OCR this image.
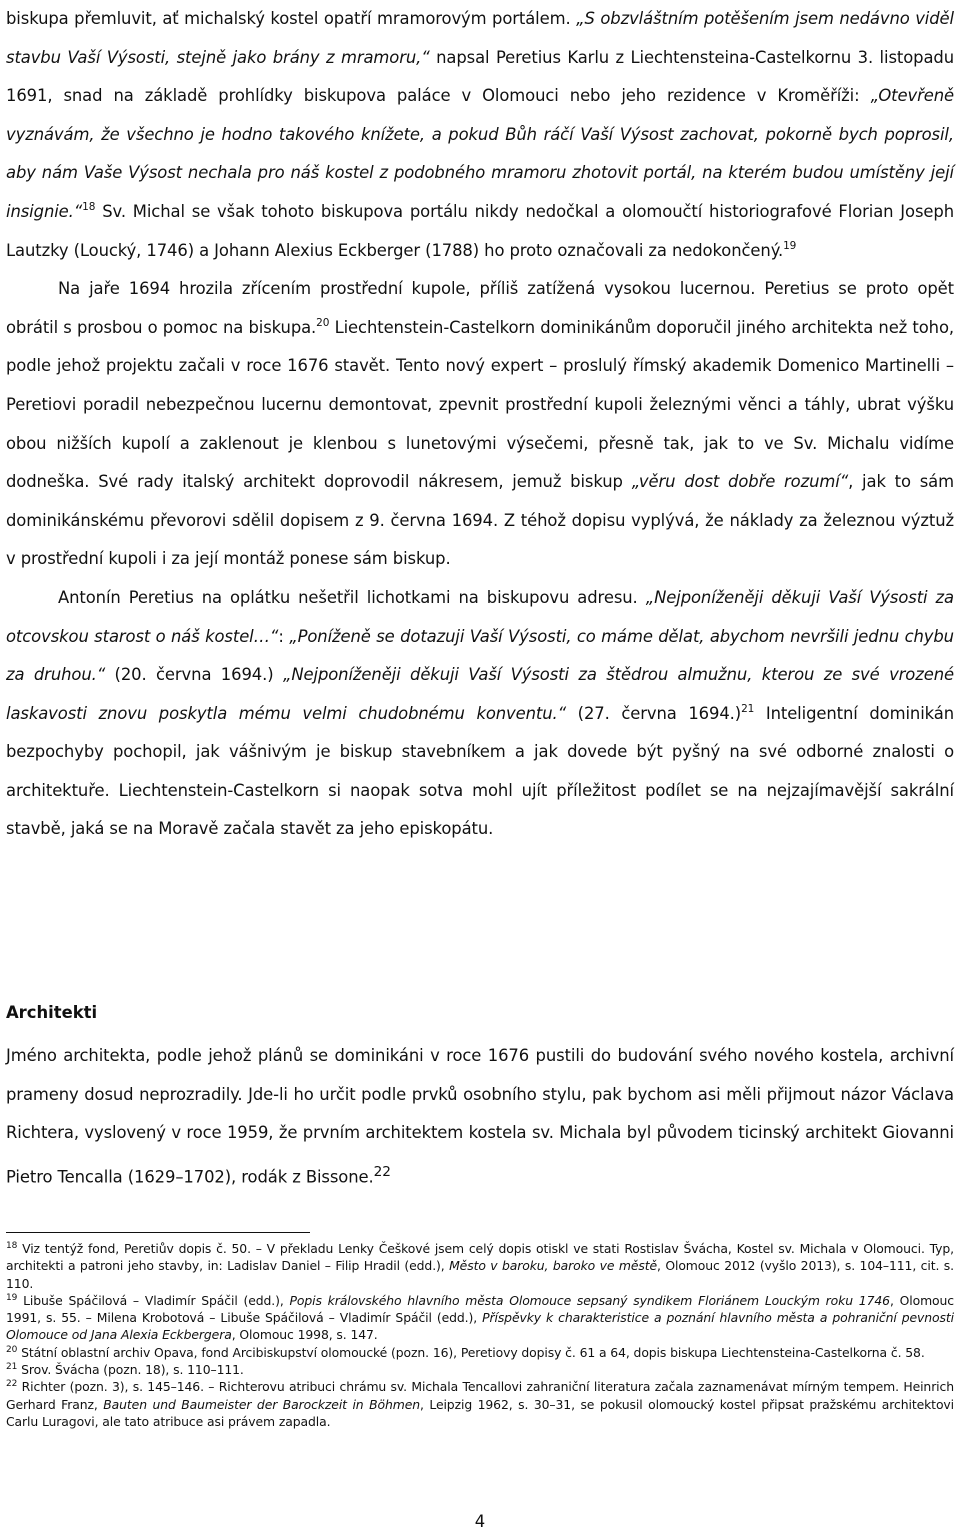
biskupa přemluvit, ať michalský kostel opatří mramorovým portálem. „S obzvláštním potěšením jsem nedávno viděl stavbu Vaší Výsosti, stejně jako brány z mramoru,“ napsal Peretius Karlu z Liechtensteina-Castelkornu 3. listopadu 1691, snad na základě prohlídky biskupova paláce v Olomouci nebo jeho rezidence v Kroměříži: „Otevřeně vyznávám, že všechno je hodno takového knížete, a pokud Bůh ráčí Vaší Výsost zachovat, pokorně bych poprosil, aby nám Vaše Výsost nechala pro náš kostel z podobného mramoru zhotovit portál, na kterém budou umístěny její insignie.“$^{18}$ Sv. Michal se však tohoto biskupova portálu nikdy nedočkal a olomoučtí historiografové Florian Joseph Lautzky (Loucký, 1746) a Johann Alexius Eckberger (1788) ho proto označovali za nedokončený.$^{19}$

Na jaře 1694 hrozila zřícením prostřední kupole, příliš zatížená vysokou lucernou. Peretius se proto opět obrátil s prosbou o pomoc na biskupa.$^{20}$ Liechtenstein-Castelkorn dominikánům doporučil jiného architekta než toho, podle jehož projektu začali v roce 1676 stavět. Tento nový expert – proslulý římský akademik Domenico Martinelli – Peretiovi poradil nebezpečnou lucernu demontovat, zpevnit prostřední kupoli železnými věnci a táhly, ubrat výšku obou nižších kupolí a zaklenout je klenbou s lunetovými výsečemi, přesně tak, jak to ve Sv. Michalu vidíme dodneška. Své rady italský architekt doprovodil nákresem, jemuž biskup „věru dost dobře rozumí“, jak to sám dominikánskému převorovi sdělil dopisem z 9. června 1694. Z téhož dopisu vyplývá, že náklady za železnou výztuž v prostřední kupoli i za její montáž ponese sám biskup.

Antonín Peretius na oplátku nešetřil lichotkami na biskupovu adresu. „Nejponíženěji děkuji Vaší Výsosti za otcovskou starost o náš kostel…“: „Poníženě se dotazuji Vaší Výsosti, co máme dělat, abychom nevršili jednu chybu za druhou.“ (20. června 1694.) „Nejponíženěji děkuji Vaší Výsosti za štědrou almužnu, kterou ze své vrozené laskavosti znovu poskytla mému velmi chudobnému konventu.“ (27. června 1694.)$^{21}$ Inteligentní dominikán bezpochyby pochopil, jak vášnivým je biskup stavebníkem a jak dovede být pyšný na své odborné znalosti o architektuře. Liechtenstein-Castelkorn si naopak sotva mohl ujít příležitost podílet se na nejzajímavější sakrální stavbě, jaká se na Moravě začala stavět za jeho episkopátu.

Architekti

Jméno architekta, podle jehož plánů se dominikáni v roce 1676 pustili do budování svého nového kostela, archivní prameny dosud neprozradily. Jde-li ho určit podle prvků osobního stylu, pak bychom asi měli přijmout názor Václava Richtera, vyslovený v roce 1959, že prvním architektem kostela sv. Michala byl původem ticinský architekt Giovanni Pietro Tencalla (1629–1702), rodák z Bissone.$^{22}$

$^{18}$ Viz tentýž fond, Peretiův dopis č. 50. – V překladu Lenky Češkové jsem celý dopis otiskl ve stati Rostislav Švácha, Kostel sv. Michala v Olomouci. Typ, architekti a patroni jeho stavby, in: Ladislav Daniel – Filip Hradil (edd.), Město v baroku, baroko ve městě, Olomouc 2012 (vyšlo 2013), s. 104–111, cit. s. 110.

$^{19}$ Libuše Spáčilová – Vladimír Spáčil (edd.), Popis královského hlavního města Olomouce sepsaný syndikem Floriánem Louckým roku 1746, Olomouc 1991, s. 55. – Milena Krobotová – Libuše Spáčilová – Vladimír Spáčil (edd.), Příspěvky k charakteristice a poznání hlavního města a pohraniční pevnosti Olomouce od Jana Alexia Eckbergera, Olomouc 1998, s. 147.

$^{20}$ Státní oblastní archiv Opava, fond Arcibiskupství olomoucké (pozn. 16), Peretiovy dopisy č. 61 a 64, dopis biskupa Liechtensteina-Castelkorna č. 58.

$^{21}$ Srov. Švácha (pozn. 18), s. 110–111.

$^{22}$ Richter (pozn. 3), s. 145–146. – Richterovu atribuci chrámu sv. Michala Tencallovi zahraniční literatura začala zaznamenávat mírným tempem. Heinrich Gerhard Franz, Bauten und Baumeister der Barockzeit in Böhmen, Leipzig 1962, s. 30–31, se pokusil olomoucký kostel připsat pražskému architektovi Carlu Luragovi, ale tato atribuce asi právem zapadla.

4
